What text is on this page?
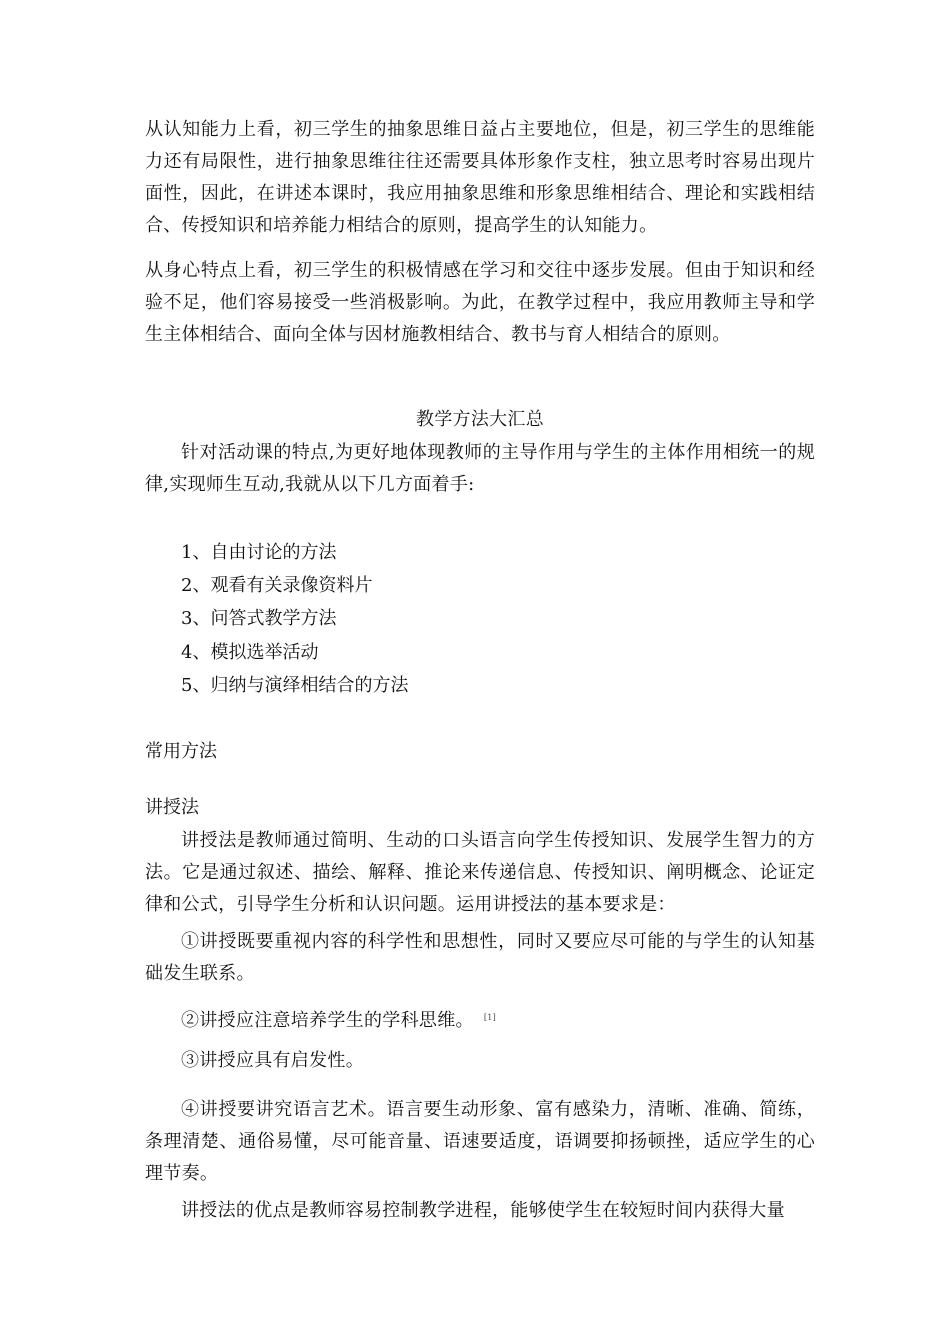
从认知能力上看，初三学生的抽象思维日益占主要地位，但是，初三学生的思维能力还有局限性，进行抽象思维往往还需要具体形象作支柱，独立思考时容易出现片面性，因此，在讲述本课时，我应用抽象思维和形象思维相结合、理论和实践相结合、传授知识和培养能力相结合的原则，提高学生的认知能力。

从身心特点上看，初三学生的积极情感在学习和交往中逐步发展。但由于知识和经验不足，他们容易接受一些消极影响。为此，在教学过程中，我应用教师主导和学生主体相结合、面向全体与因材施教相结合、教书与育人相结合的原则。

教学方法大汇总

针对活动课的特点,为更好地体现教师的主导作用与学生的主体作用相统一的规律,实现师生互动,我就从以下几方面着手:

1、自由讨论的方法

2、观看有关录像资料片

3、问答式教学方法

4、模拟选举活动

5、归纳与演绎相结合的方法

常用方法

讲授法

讲授法是教师通过简明、生动的口头语言向学生传授知识、发展学生智力的方法。它是通过叙述、描绘、解释、推论来传递信息、传授知识、阐明概念、论证定律和公式，引导学生分析和认识问题。运用讲授法的基本要求是：

①讲授既要重视内容的科学性和思想性，同时又要应尽可能的与学生的认知基础发生联系。

②讲授应注意培养学生的学科思维。 [1]

③讲授应具有启发性。

④讲授要讲究语言艺术。语言要生动形象、富有感染力，清晰、准确、简练，条理清楚、通俗易懂，尽可能音量、语速要适度，语调要抑扬顿挫，适应学生的心理节奏。

讲授法的优点是教师容易控制教学进程，能够使学生在较短时间内获得大量
